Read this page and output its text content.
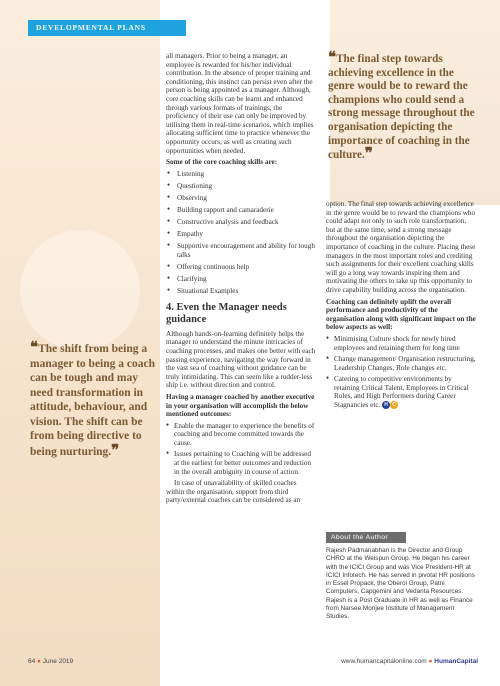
DEVELOPMENTAL PLANS
❝The shift from being a manager to being a coach can be tough and may need transformation in attitude, behaviour, and vision. The shift can be from being directive to being nurturing.❞
❝The final step towards achieving excellence in the genre would be to reward the champions who could send a strong message throughout the organisation depicting the importance of coaching in the culture.❞

all managers. Prior to being a manager, an employee is rewarded for his/her individual contribution. In the absence of proper training and conditioning, this instinct can persist even after the person is being appointed as a manager. Although, core coaching skills can be learnt and enhanced through various formats of trainings, the proficiency of their use can only be improved by utilising them in real-time scenarios, which implies allocating sufficient time to practice whenever the opportunity occurs, as well as creating such opportunities when needed.

Some of the core coaching skills are:

● Listening
● Questioning
● Observing
● Building rapport and camaraderie
● Constructive analysis and feedback
● Empathy
● Supportive encouragement and ability for tough talks
● Offering continuous help
● Clarifying
● Situational Examples
4. Even the Manager needs guidance

Although hands-on-learning definitely helps the manager to understand the minute intricacies of coaching processes, and makes one better with each passing experience, navigating the way forward in the vast sea of coaching without guidance can be truly intimidating. This can seem like a rudder-less ship i.e. without direction and control.

Having a manager coached by another executive in your organisation will accomplish the below mentioned outcomes:

● Enable the manager to experience the benefits of coaching and become committed towards the cause.

● Issues pertaining to Coaching will be addressed at the earliest for better outcomes and reduction in the overall ambiguity in course of action.

In case of unavailability of skilled coaches within the organisation, support from third party/external coaches can be considered as an

option. The final step towards achieving excellence in the genre would be to reward the champions who could adapt not only to such role transformation, but at the same time, send a strong message throughout the organisation depicting the importance of coaching in the culture. Placing these managers in the most important roles and crediting such assignments for their excellent coaching skills will go a long way towards inspiring them and motivating the others to take up this opportunity to drive capability building across the organisation.

Coaching can definitely uplift the overall performance and productivity of the organisation along with significant impact on the below aspects as well:

● Minimising Culture shock for newly hired employees and retaining them for long time

● Change management/ Organisation restructuring, Leadership Changes, Role changes etc.

● Catering to competitive environments by retaining Critical Talent, Employees in Critical Roles, and High Performers during Career Stagnancies etc. H C

About the Author
Rajesh Padmanabhan is the Director and Group CHRO at the Welspun Group. He began his career with the ICICI Group and was Vice President-HR at ICICI Infotech. He has served in pivotal HR positions in Essel Propack, the Oberoi Group, Patni Computers, Capgemini and Vedanta Resources. Rajesh is a Post Graduate in HR as well as Finance from Narsee Monjee Institute of Management Studies.
64 ● June 2019	www.humancapitalonline.com ● HumanCapital
